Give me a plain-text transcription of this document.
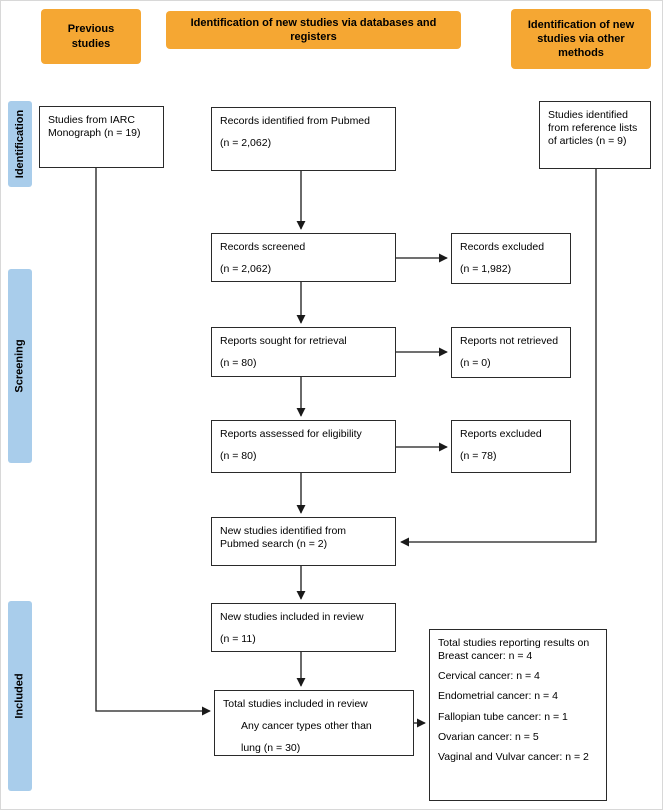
Previous studies
Identification of new studies via databases and registers
Identification of new studies via other methods
Identification
Screening
Included

Studies from IARC

Monograph (n = 19)

Records identified from Pubmed

(n = 2,062)

Studies identified

from reference lists

of articles (n = 9)

Records screened

(n = 2,062)

Records excluded

(n = 1,982)

Reports sought for retrieval

(n = 80)

Reports not retrieved

(n = 0)

Reports assessed for eligibility

(n = 80)

Reports excluded

(n = 78)

New studies identified from

Pubmed search (n = 2)

New studies included in review

(n = 11)

Total studies included in review

Any cancer types other than

lung (n = 30)

Total studies reporting results on

Breast cancer: n = 4

Cervical cancer: n = 4

Endometrial cancer: n = 4

Fallopian tube cancer: n = 1

Ovarian cancer: n = 5

Vaginal and Vulvar cancer: n = 2
